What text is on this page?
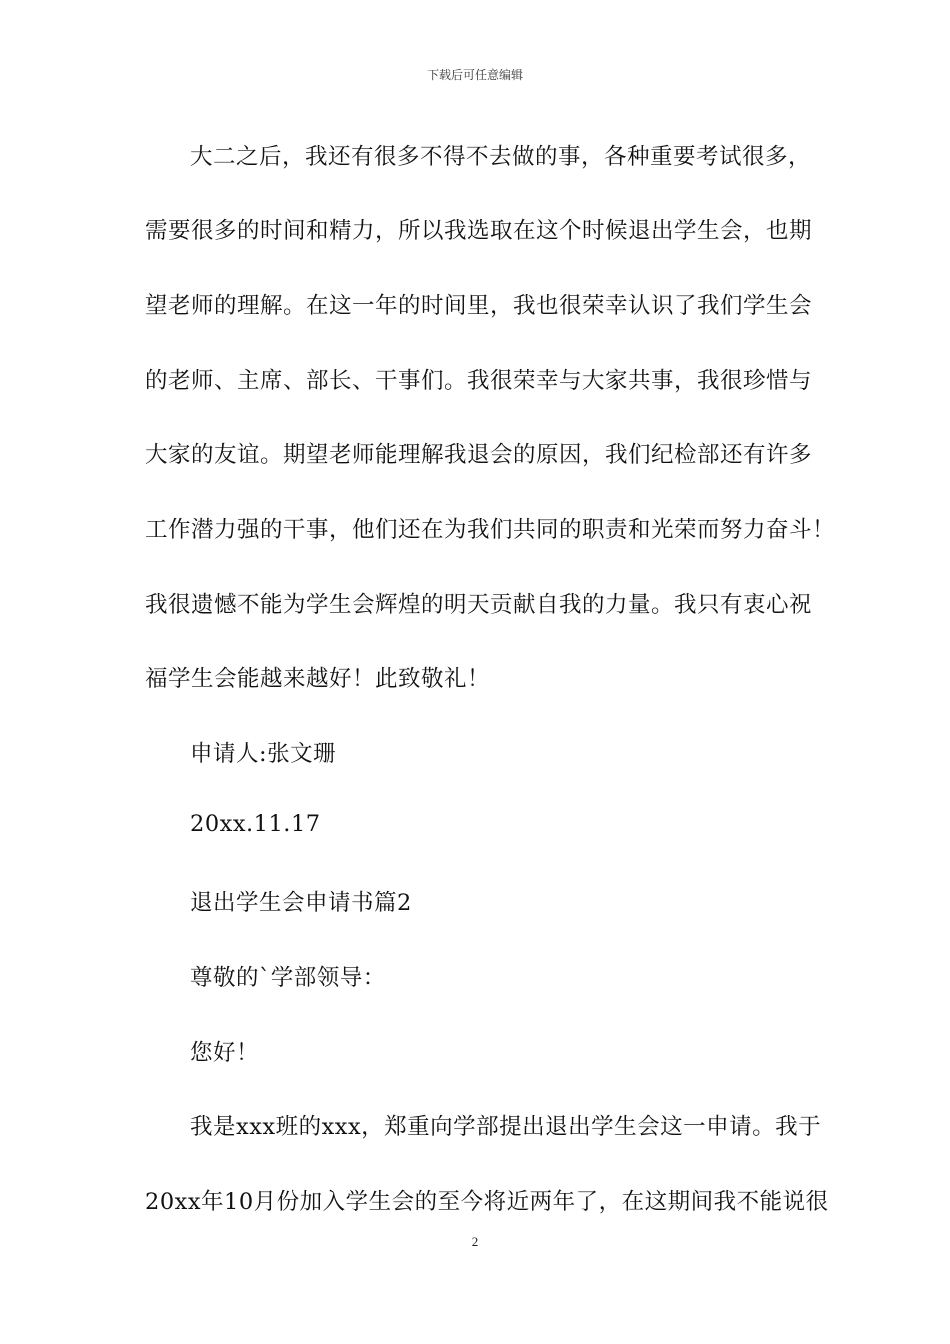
下载后可任意编辑
大二之后，我还有很多不得不去做的事，各种重要考试很多，
需要很多的时间和精力，所以我选取在这个时候退出学生会，也期
望老师的理解。在这一年的时间里，我也很荣幸认识了我们学生会
的老师、主席、部长、干事们。我很荣幸与大家共事，我很珍惜与
大家的友谊。期望老师能理解我退会的原因，我们纪检部还有许多
工作潜力强的干事，他们还在为我们共同的职责和光荣而努力奋斗！
我很遗憾不能为学生会辉煌的明天贡献自我的力量。我只有衷心祝
福学生会能越来越好！此致敬礼！
申请人:张文珊
20xx.11.17
退出学生会申请书篇2
尊敬的`学部领导：
您好！
我是xxx班的xxx，郑重向学部提出退出学生会这一申请。我于
20xx年10月份加入学生会的至今将近两年了，在这期间我不能说很
2
